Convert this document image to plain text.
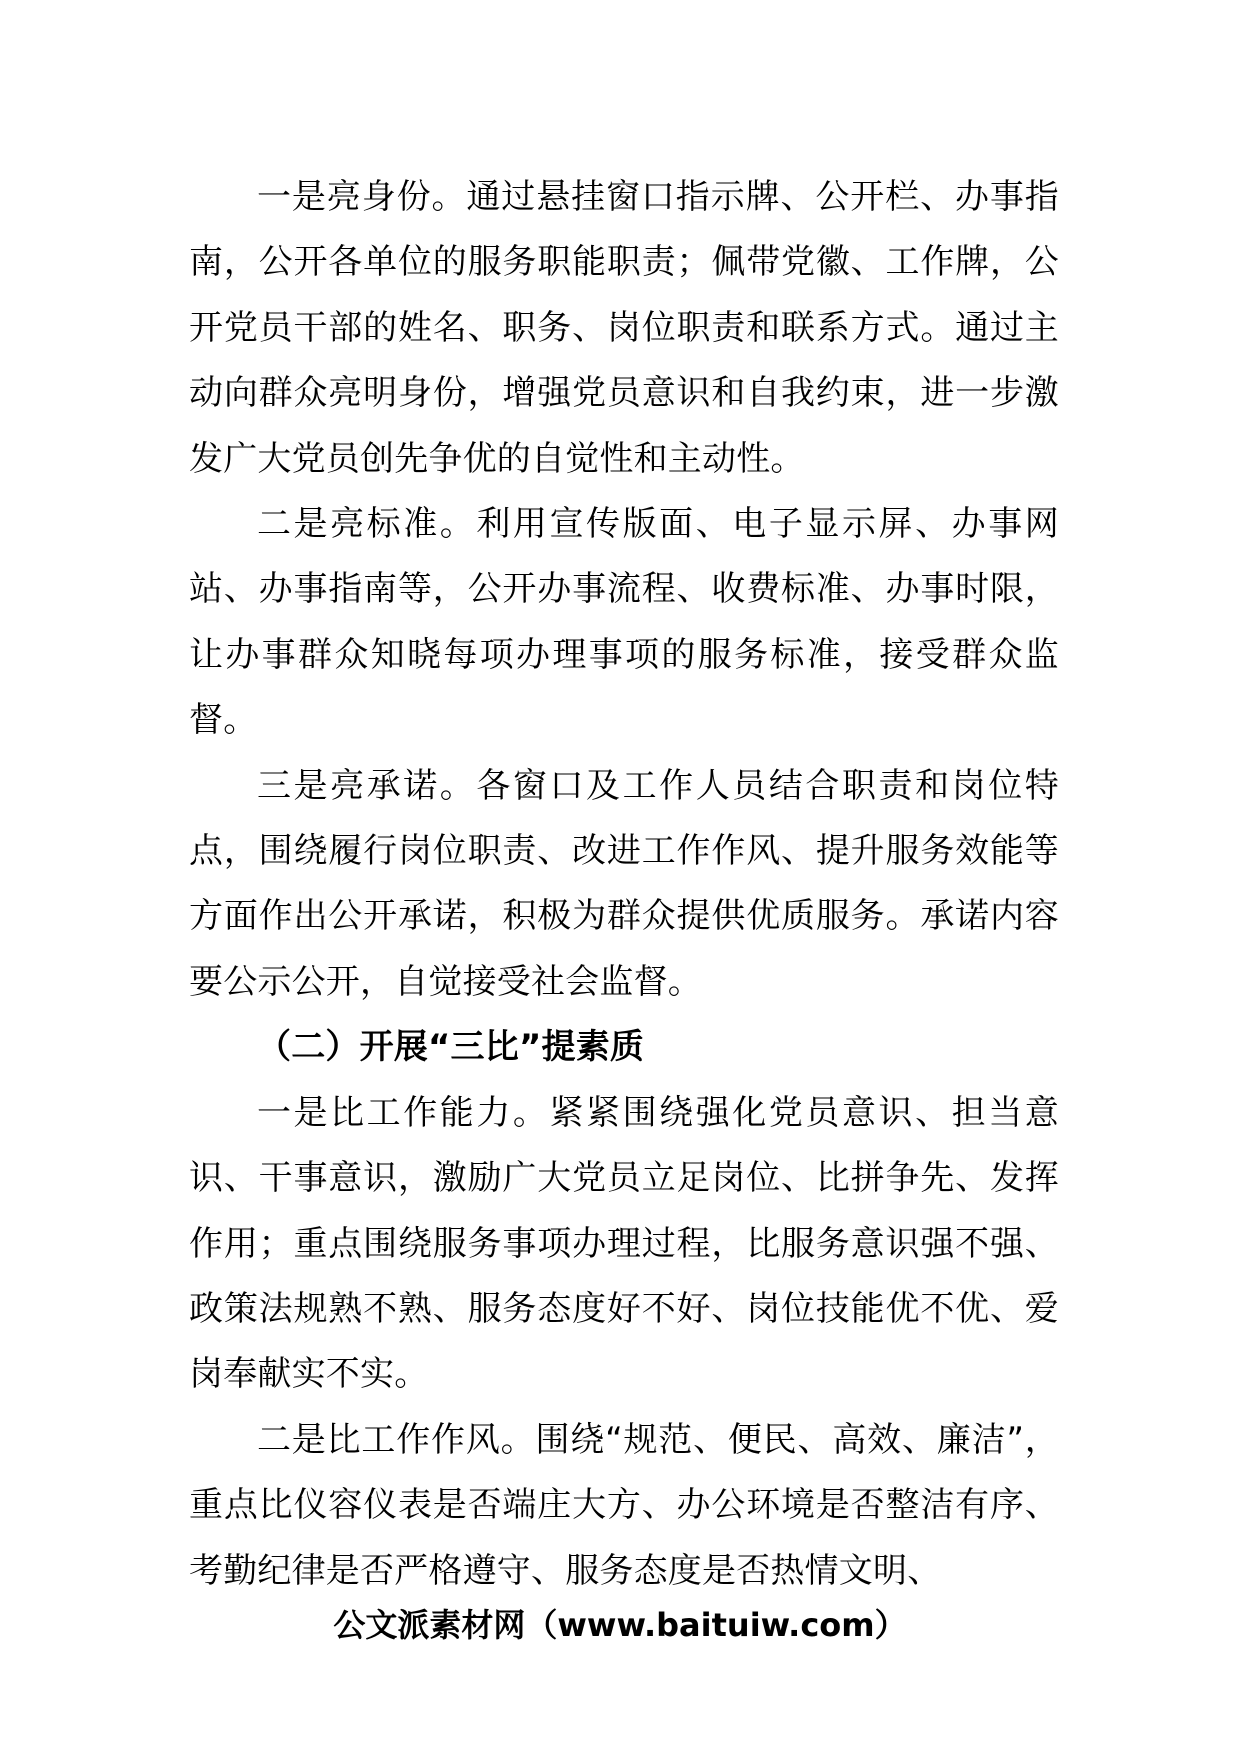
一是亮身份。通过悬挂窗口指示牌、公开栏、办事指南，公开各单位的服务职能职责；佩带党徽、工作牌，公开党员干部的姓名、职务、岗位职责和联系方式。通过主动向群众亮明身份，增强党员意识和自我约束，进一步激发广大党员创先争优的自觉性和主动性。

二是亮标准。利用宣传版面、电子显示屏、办事网站、办事指南等，公开办事流程、收费标准、办事时限，让办事群众知晓每项办理事项的服务标准，接受群众监督。

三是亮承诺。各窗口及工作人员结合职责和岗位特点，围绕履行岗位职责、改进工作作风、提升服务效能等方面作出公开承诺，积极为群众提供优质服务。承诺内容要公示公开，自觉接受社会监督。

（二）开展“三比”提素质

一是比工作能力。紧紧围绕强化党员意识、担当意识、干事意识，激励广大党员立足岗位、比拼争先、发挥作用；重点围绕服务事项办理过程，比服务意识强不强、政策法规熟不熟、服务态度好不好、岗位技能优不优、爱岗奉献实不实。

二是比工作作风。围绕“规范、便民、高效、廉洁”，重点比仪容仪表是否端庄大方、办公环境是否整洁有序、考勤纪律是否严格遵守、服务态度是否热情文明、

公文派素材网（www.baituiw.com）
